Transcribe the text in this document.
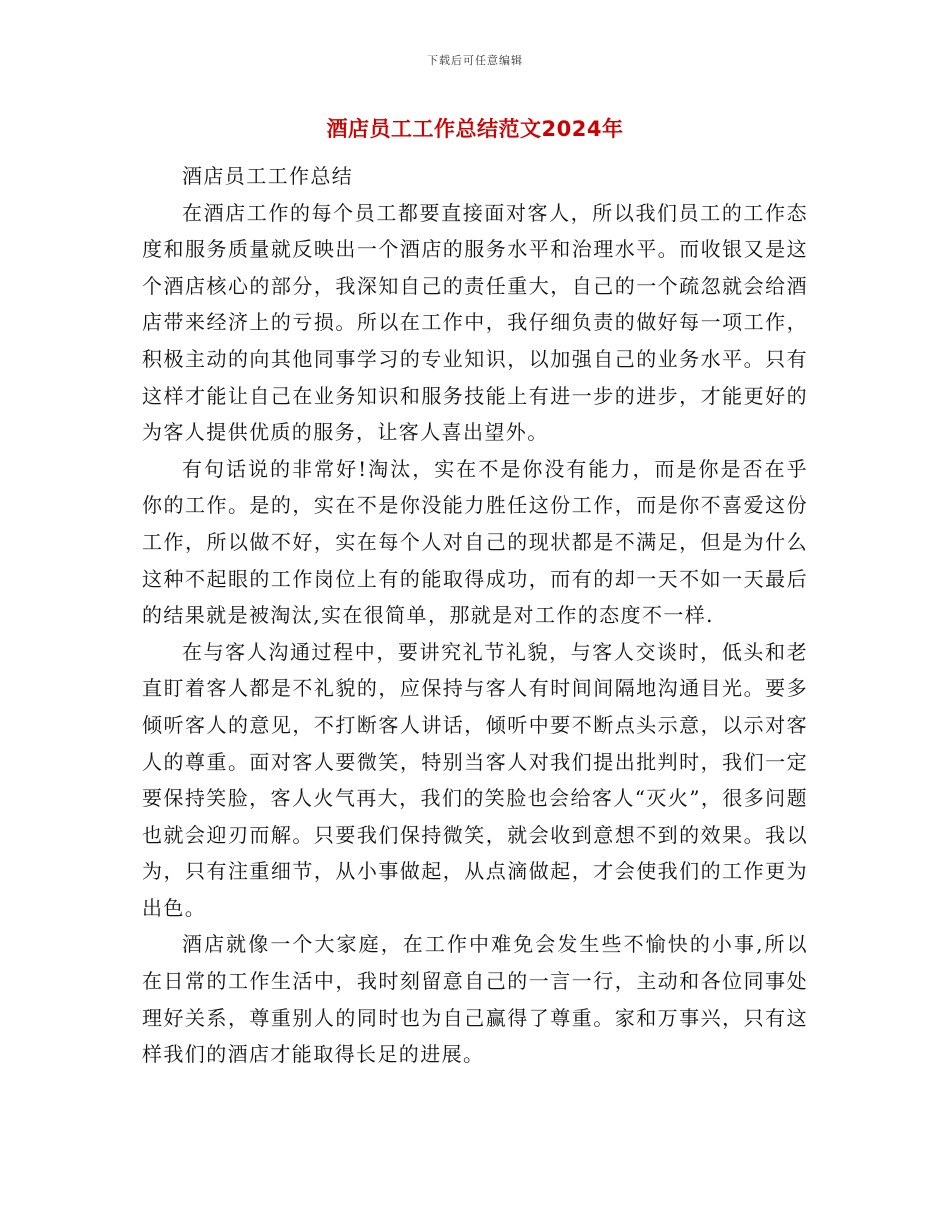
下载后可任意编辑
酒店员工工作总结范文2024年

酒店员工工作总结

在酒店工作的每个员工都要直接面对客人，所以我们员工的工作态度和服务质量就反映出一个酒店的服务水平和治理水平。而收银又是这个酒店核心的部分，我深知自己的责任重大，自己的一个疏忽就会给酒店带来经济上的亏损。所以在工作中，我仔细负责的做好每一项工作，积极主动的向其他同事学习的专业知识，以加强自己的业务水平。只有这样才能让自己在业务知识和服务技能上有进一步的进步，才能更好的为客人提供优质的服务，让客人喜出望外。

有句话说的非常好!淘汰，实在不是你没有能力，而是你是否在乎你的工作。是的，实在不是你没能力胜任这份工作，而是你不喜爱这份工作，所以做不好，实在每个人对自己的现状都是不满足，但是为什么这种不起眼的工作岗位上有的能取得成功，而有的却一天不如一天最后的结果就是被淘汰,实在很简单，那就是对工作的态度不一样.

在与客人沟通过程中，要讲究礼节礼貌，与客人交谈时，低头和老直盯着客人都是不礼貌的，应保持与客人有时间间隔地沟通目光。要多倾听客人的意见，不打断客人讲话，倾听中要不断点头示意，以示对客人的尊重。面对客人要微笑，特别当客人对我们提出批判时，我们一定要保持笑脸，客人火气再大，我们的笑脸也会给客人“灭火”，很多问题也就会迎刃而解。只要我们保持微笑，就会收到意想不到的效果。我以为，只有注重细节，从小事做起，从点滴做起，才会使我们的工作更为出色。

酒店就像一个大家庭，在工作中难免会发生些不愉快的小事,所以在日常的工作生活中，我时刻留意自己的一言一行，主动和各位同事处理好关系，尊重别人的同时也为自己赢得了尊重。家和万事兴，只有这样我们的酒店才能取得长足的进展。
